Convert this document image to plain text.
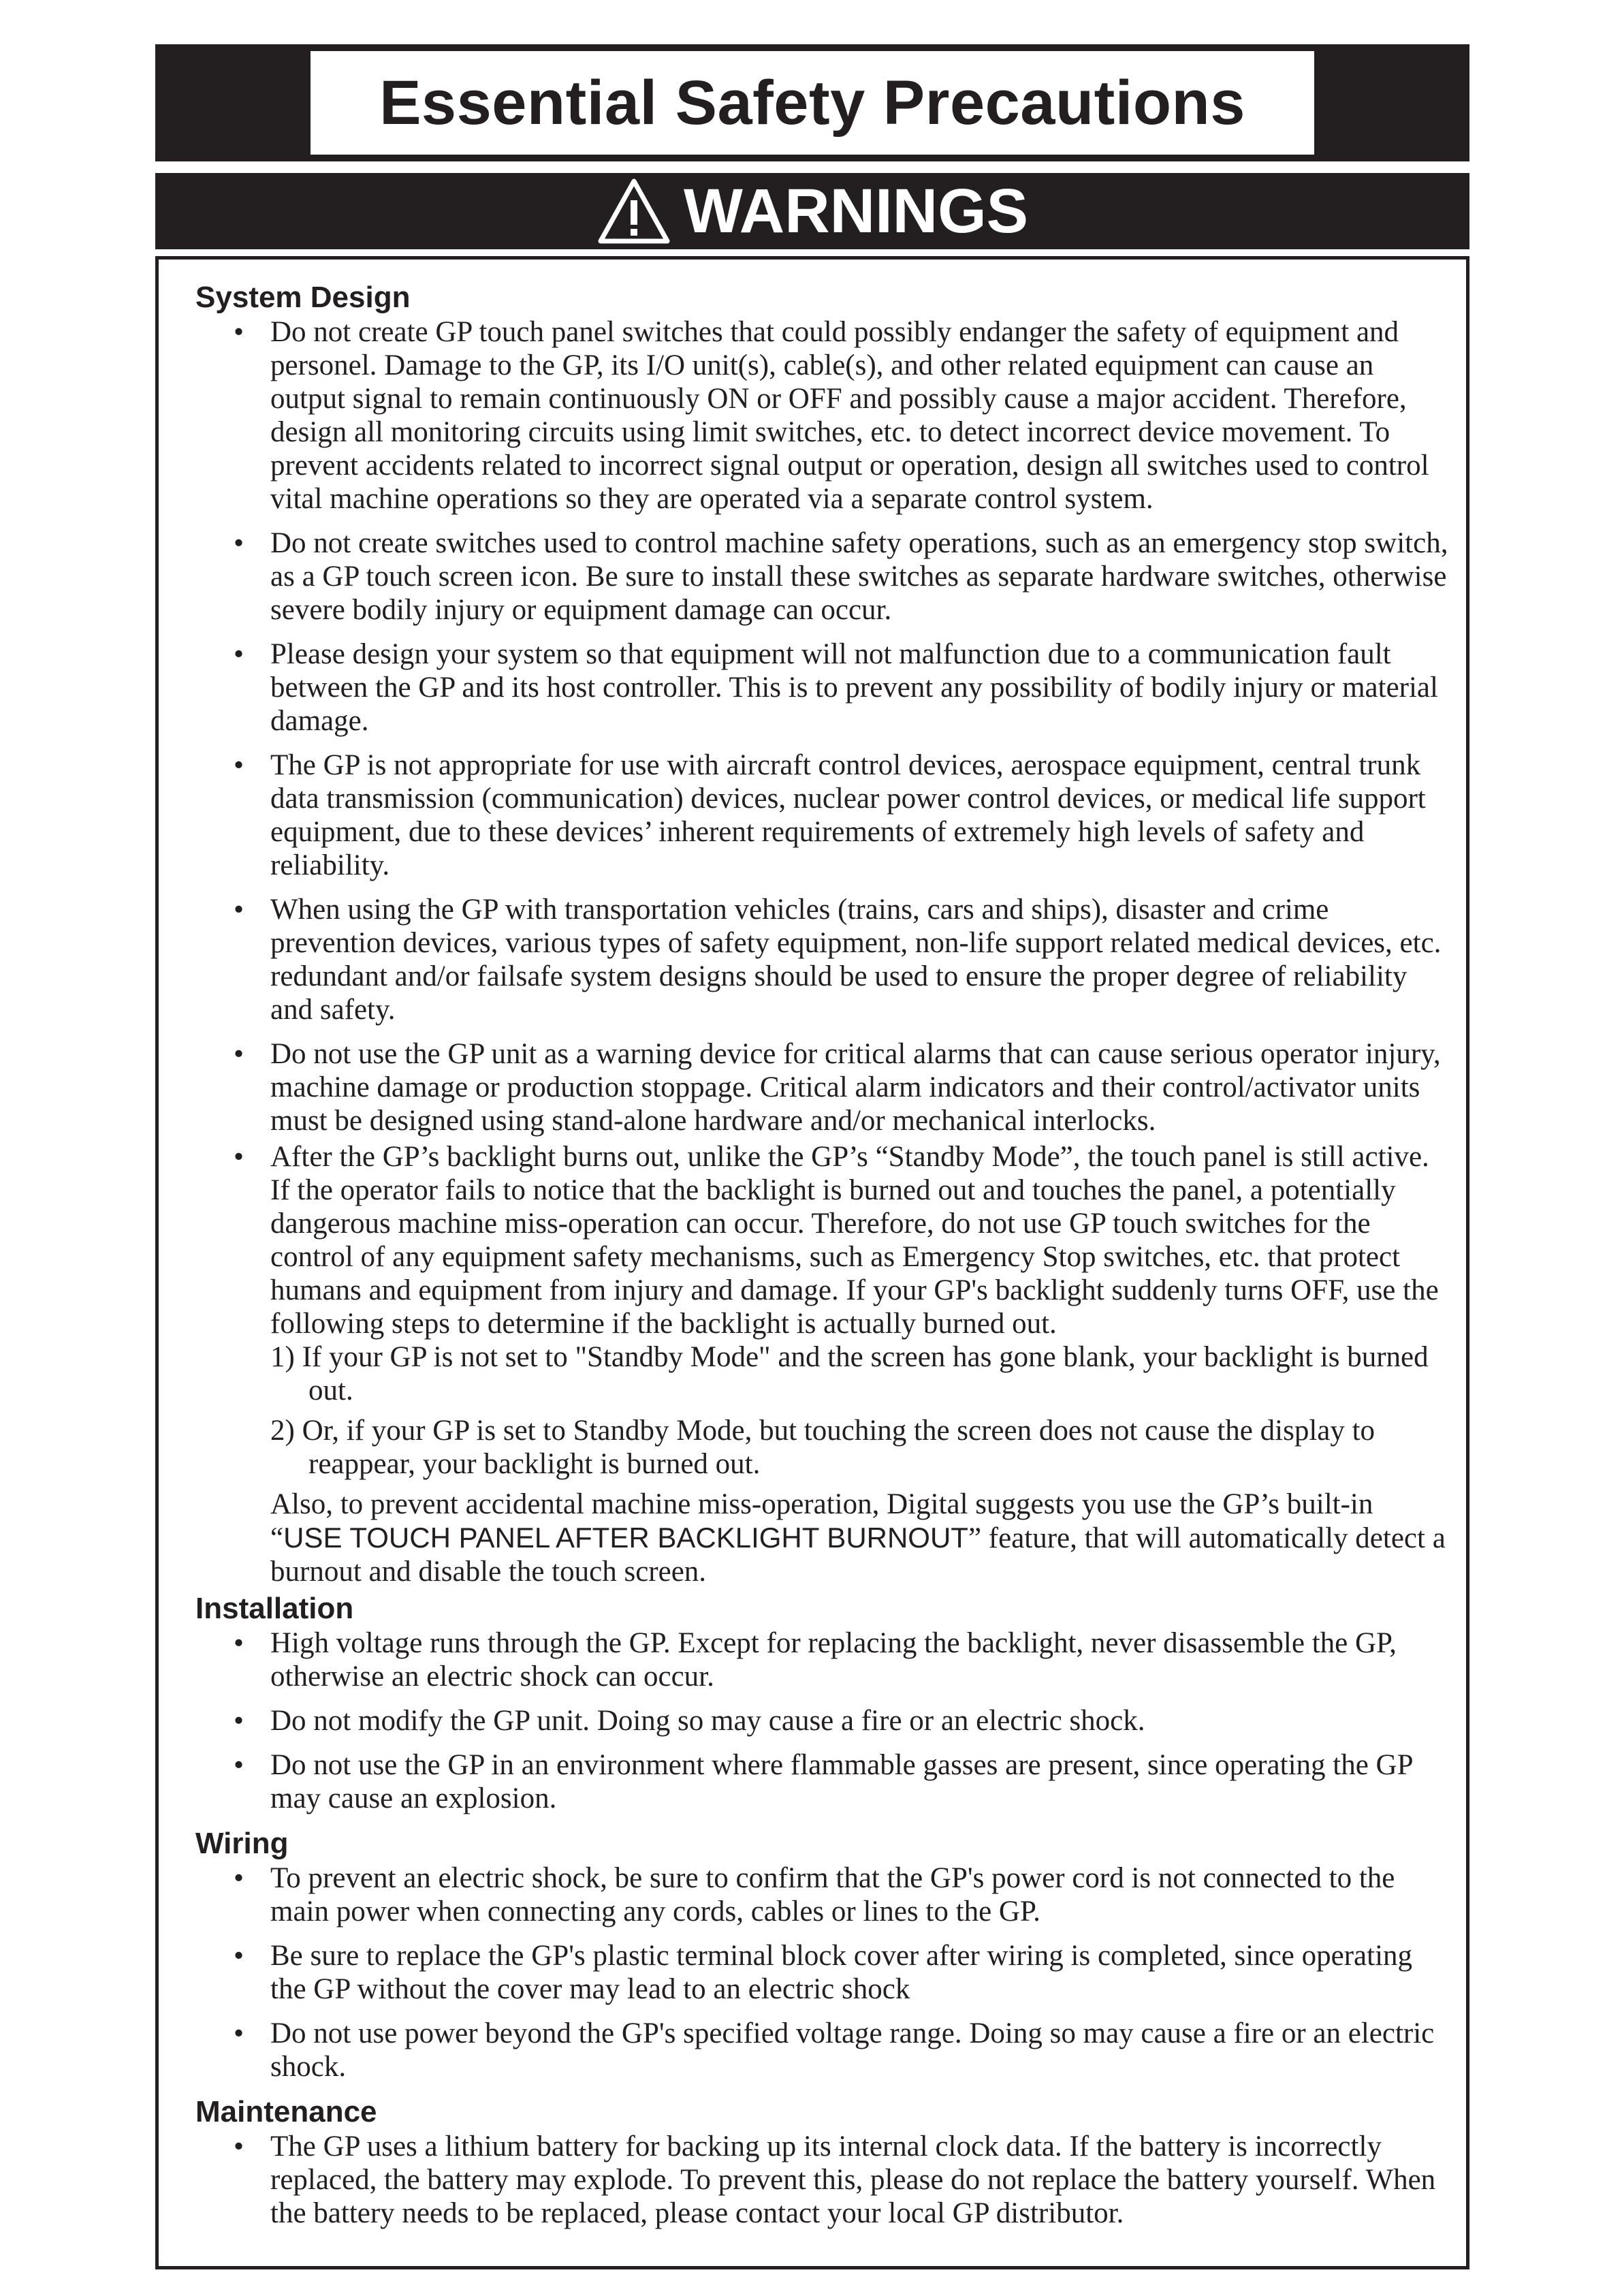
Essential Safety Precautions
WARNINGS
System Design
• Do not create GP touch panel switches that could possibly endanger the safety of equipment and personel. Damage to the GP, its I/O unit(s), cable(s), and other related equipment can cause an output signal to remain continuously ON or OFF and possibly cause a major accident. Therefore, design all monitoring circuits using limit switches, etc. to detect incorrect device movement. To prevent accidents related to incorrect signal output or operation, design all switches used to control vital machine operations so they are operated via a separate control system.

• Do not create switches used to control machine safety operations, such as an emergency stop switch, as a GP touch screen icon. Be sure to install these switches as separate hardware switches, otherwise severe bodily injury or equipment damage can occur.

• Please design your system so that equipment will not malfunction due to a communication fault between the GP and its host controller. This is to prevent any possibility of bodily injury or material damage.

• The GP is not appropriate for use with aircraft control devices, aerospace equipment, central trunk data transmission (communication) devices, nuclear power control devices, or medical life support equipment, due to these devices’ inherent requirements of extremely high levels of safety and reliability.

• When using the GP with transportation vehicles (trains, cars and ships), disaster and crime prevention devices, various types of safety equipment, non-life support related medical devices, etc. redundant and/or failsafe system designs should be used to ensure the proper degree of reliability and safety.

• Do not use the GP unit as a warning device for critical alarms that can cause serious operator injury, machine damage or production stoppage. Critical alarm indicators and their control/activator units must be designed using stand-alone hardware and/or mechanical interlocks.

• After the GP’s backlight burns out, unlike the GP’s “Standby Mode”, the touch panel is still active. If the operator fails to notice that the backlight is burned out and touches the panel, a potentially dangerous machine miss-operation can occur. Therefore, do not use GP touch switches for the control of any equipment safety mechanisms, such as Emergency Stop switches, etc. that protect humans and equipment from injury and damage. If your GP's backlight suddenly turns OFF, use the following steps to determine if the backlight is actually burned out.

1) If your GP is not set to "Standby Mode" and the screen has gone blank, your backlight is burned out.
2) Or, if your GP is set to Standby Mode, but touching the screen does not cause the display to reappear, your backlight is burned out.

Also, to prevent accidental machine miss-operation, Digital suggests you use the GP’s built-in “USE TOUCH PANEL AFTER BACKLIGHT BURNOUT” feature, that will automatically detect a burnout and disable the touch screen.

Installation
• High voltage runs through the GP. Except for replacing the backlight, never disassemble the GP, otherwise an electric shock can occur.

• Do not modify the GP unit. Doing so may cause a fire or an electric shock.

• Do not use the GP in an environment where flammable gasses are present, since operating the GP may cause an explosion.

Wiring
• To prevent an electric shock, be sure to confirm that the GP's power cord is not connected to the main power when connecting any cords, cables or lines to the GP.

• Be sure to replace the GP's plastic terminal block cover after wiring is completed, since operating the GP without the cover may lead to an electric shock

• Do not use power beyond the GP's specified voltage range. Doing so may cause a fire or an electric shock.

Maintenance
• The GP uses a lithium battery for backing up its internal clock data. If the battery is incorrectly replaced, the battery may explode. To prevent this, please do not replace the battery yourself. When the battery needs to be replaced, please contact your local GP distributor.
